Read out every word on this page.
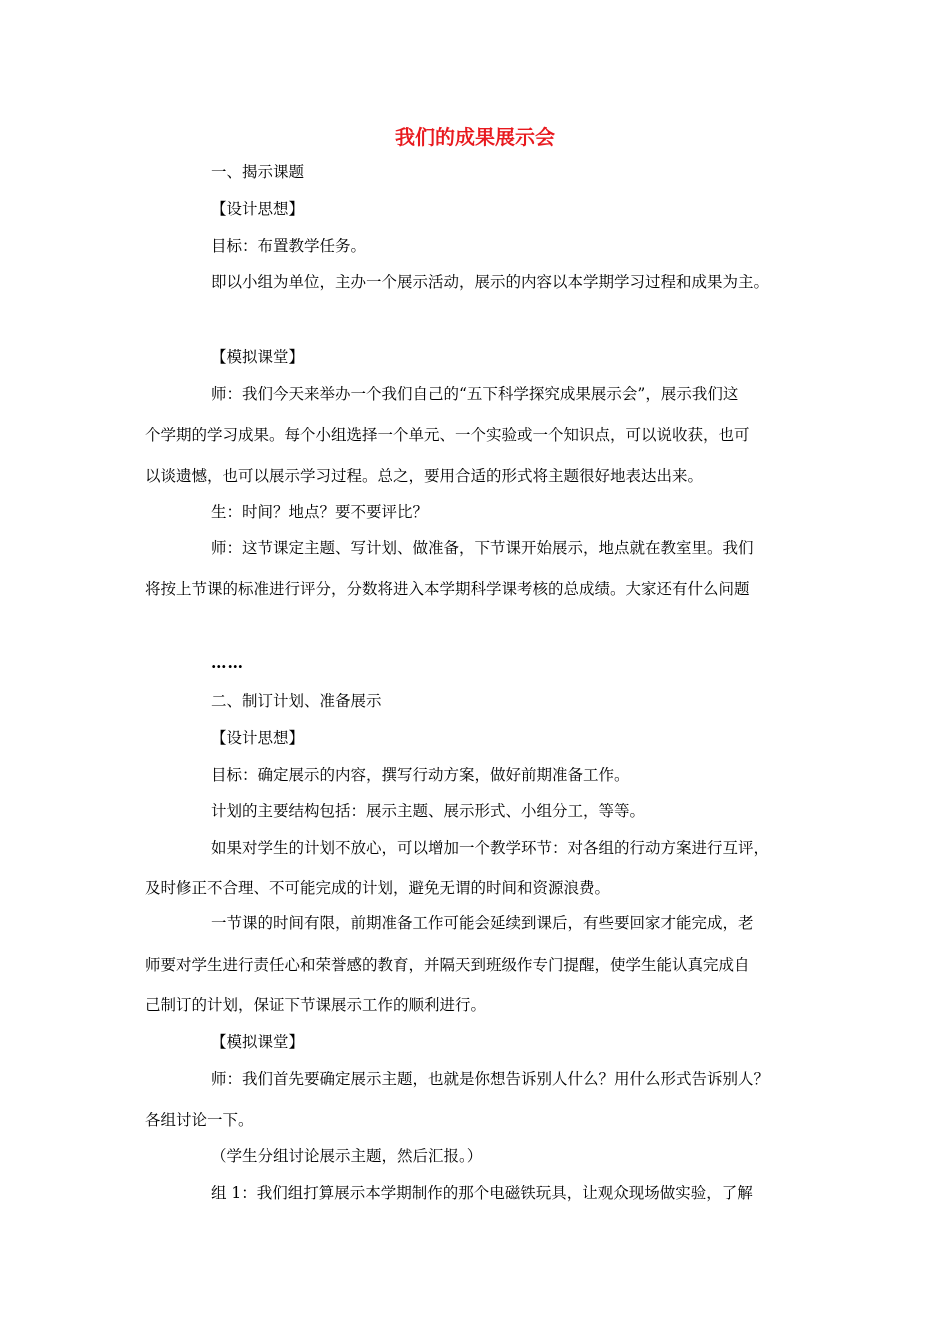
我们的成果展示会
一、揭示课题
【设计思想】
目标：布置教学任务。
即以小组为单位，主办一个展示活动，展示的内容以本学期学习过程和成果为主。
【模拟课堂】
师：我们今天来举办一个我们自己的“五下科学探究成果展示会”，展示我们这
个学期的学习成果。每个小组选择一个单元、一个实验或一个知识点，可以说收获，也可
以谈遗憾，也可以展示学习过程。总之，要用合适的形式将主题很好地表达出来。
生：时间？地点？要不要评比？
师：这节课定主题、写计划、做准备，下节课开始展示，地点就在教室里。我们
将按上节课的标准进行评分，分数将进入本学期科学课考核的总成绩。大家还有什么问题
……
二、制订计划、准备展示
【设计思想】
目标：确定展示的内容，撰写行动方案，做好前期准备工作。
计划的主要结构包括：展示主题、展示形式、小组分工，等等。
如果对学生的计划不放心，可以增加一个教学环节：对各组的行动方案进行互评，
及时修正不合理、不可能完成的计划，避免无谓的时间和资源浪费。
一节课的时间有限，前期准备工作可能会延续到课后，有些要回家才能完成，老
师要对学生进行责任心和荣誉感的教育，并隔天到班级作专门提醒，使学生能认真完成自
己制订的计划，保证下节课展示工作的顺利进行。
【模拟课堂】
师：我们首先要确定展示主题，也就是你想告诉别人什么？用什么形式告诉别人？
各组讨论一下。
（学生分组讨论展示主题，然后汇报。）
组 1：我们组打算展示本学期制作的那个电磁铁玩具，让观众现场做实验，了解
